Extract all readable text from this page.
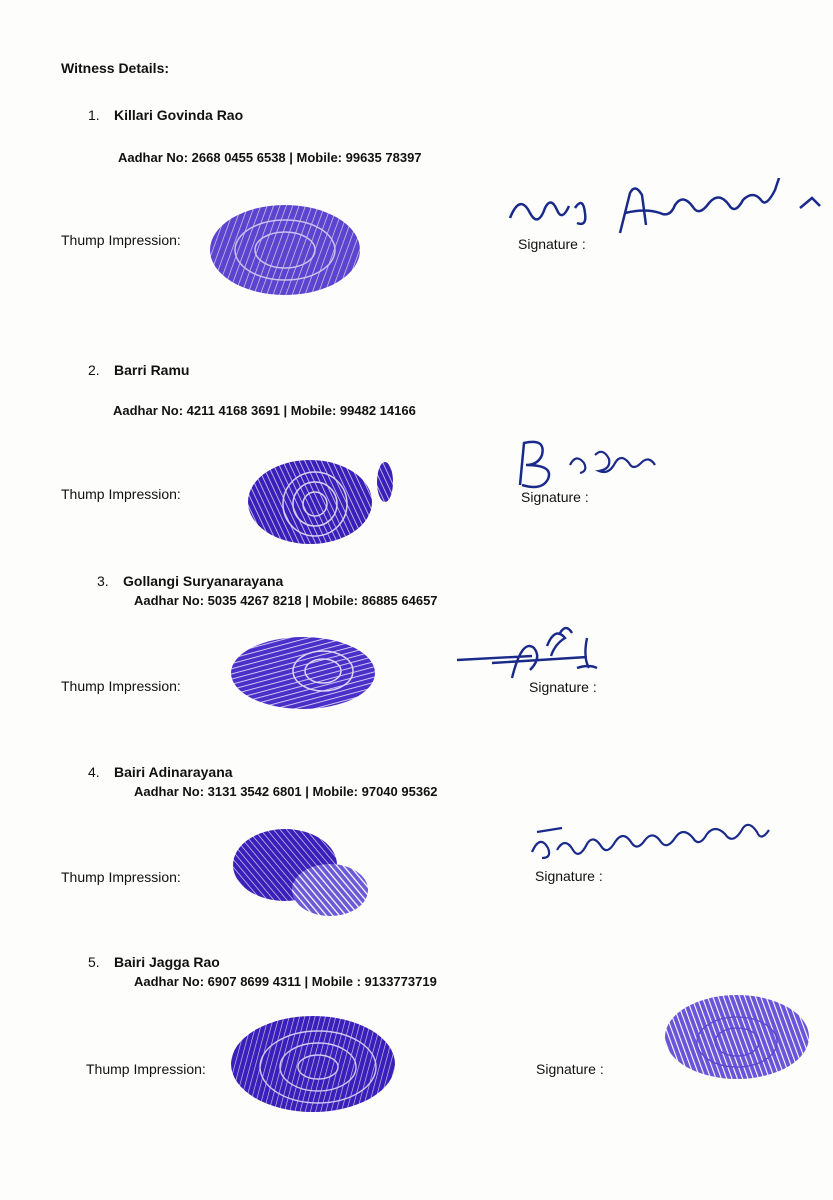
Witness Details:
1. Killari Govinda Rao
Aadhar No: 2668 0455 6538 | Mobile: 99635 78397
Thump Impression:	Signature :
2. Barri Ramu
Aadhar No: 4211 4168 3691 | Mobile: 99482 14166
Thump Impression:	Signature :
3. Gollangi Suryanarayana
Aadhar No: 5035 4267 8218 | Mobile: 86885 64657
Thump Impression:	Signature :
4. Bairi Adinarayana
Aadhar No: 3131 3542 6801 | Mobile: 97040 95362
Thump Impression:	Signature :
5. Bairi Jagga Rao
Aadhar No: 6907 8699 4311 | Mobile : 9133773719
Thump Impression:	Signature :
